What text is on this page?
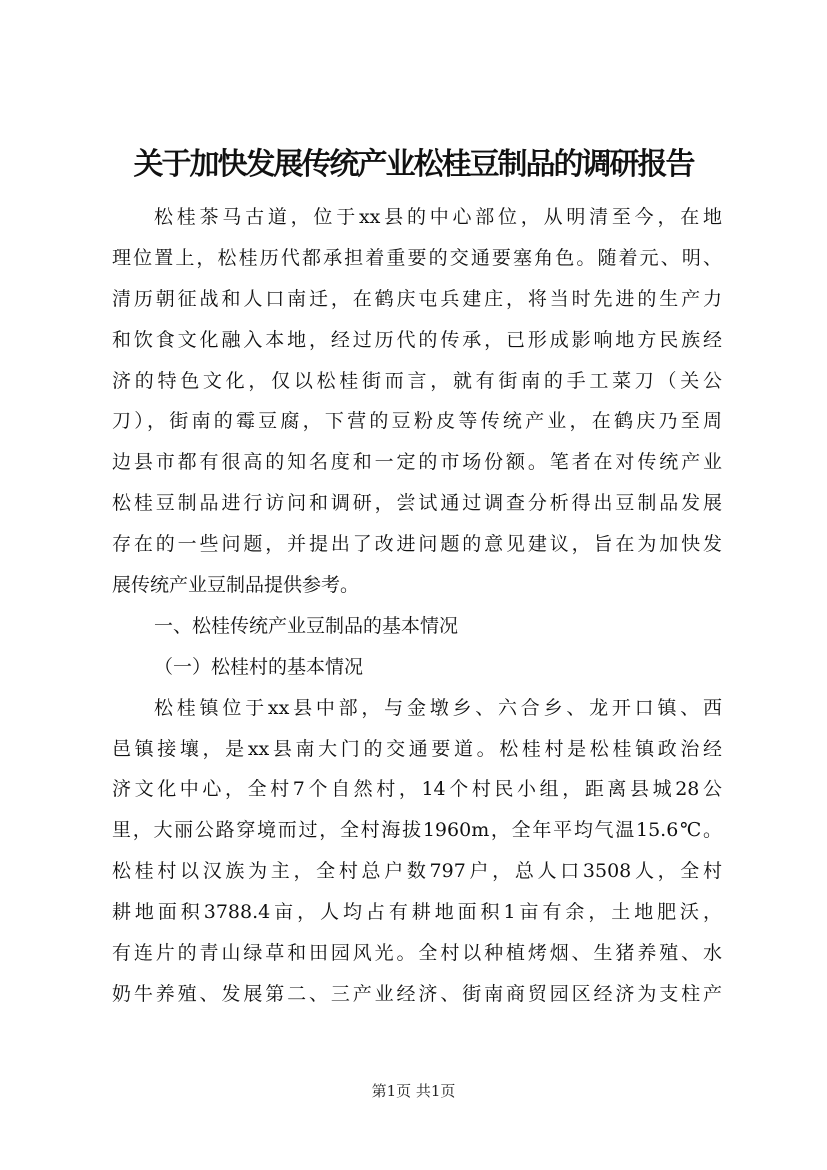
关于加快发展传统产业松桂豆制品的调研报告
松桂茶马古道，位于xx县的中心部位，从明清至今，在地
理位置上，松桂历代都承担着重要的交通要塞角色。随着元、明、
清历朝征战和人口南迁，在鹤庆屯兵建庄，将当时先进的生产力
和饮食文化融入本地，经过历代的传承，已形成影响地方民族经
济的特色文化，仅以松桂街而言，就有街南的手工菜刀（关公
刀），街南的霉豆腐，下营的豆粉皮等传统产业，在鹤庆乃至周
边县市都有很高的知名度和一定的市场份额。笔者在对传统产业
松桂豆制品进行访问和调研，尝试通过调查分析得出豆制品发展
存在的一些问题，并提出了改进问题的意见建议，旨在为加快发
展传统产业豆制品提供参考。
一、松桂传统产业豆制品的基本情况
（一）松桂村的基本情况
松桂镇位于xx县中部，与金墩乡、六合乡、龙开口镇、西
邑镇接壤，是xx县南大门的交通要道。松桂村是松桂镇政治经
济文化中心，全村7个自然村，14个村民小组，距离县城28公
里，大丽公路穿境而过，全村海拔1960m，全年平均气温15.6℃。
松桂村以汉族为主，全村总户数797户，总人口3508人，全村
耕地面积3788.4亩，人均占有耕地面积1亩有余，土地肥沃，
有连片的青山绿草和田园风光。全村以种植烤烟、生猪养殖、水
奶牛养殖、发展第二、三产业经济、街南商贸园区经济为支柱产
第1页 共1页
